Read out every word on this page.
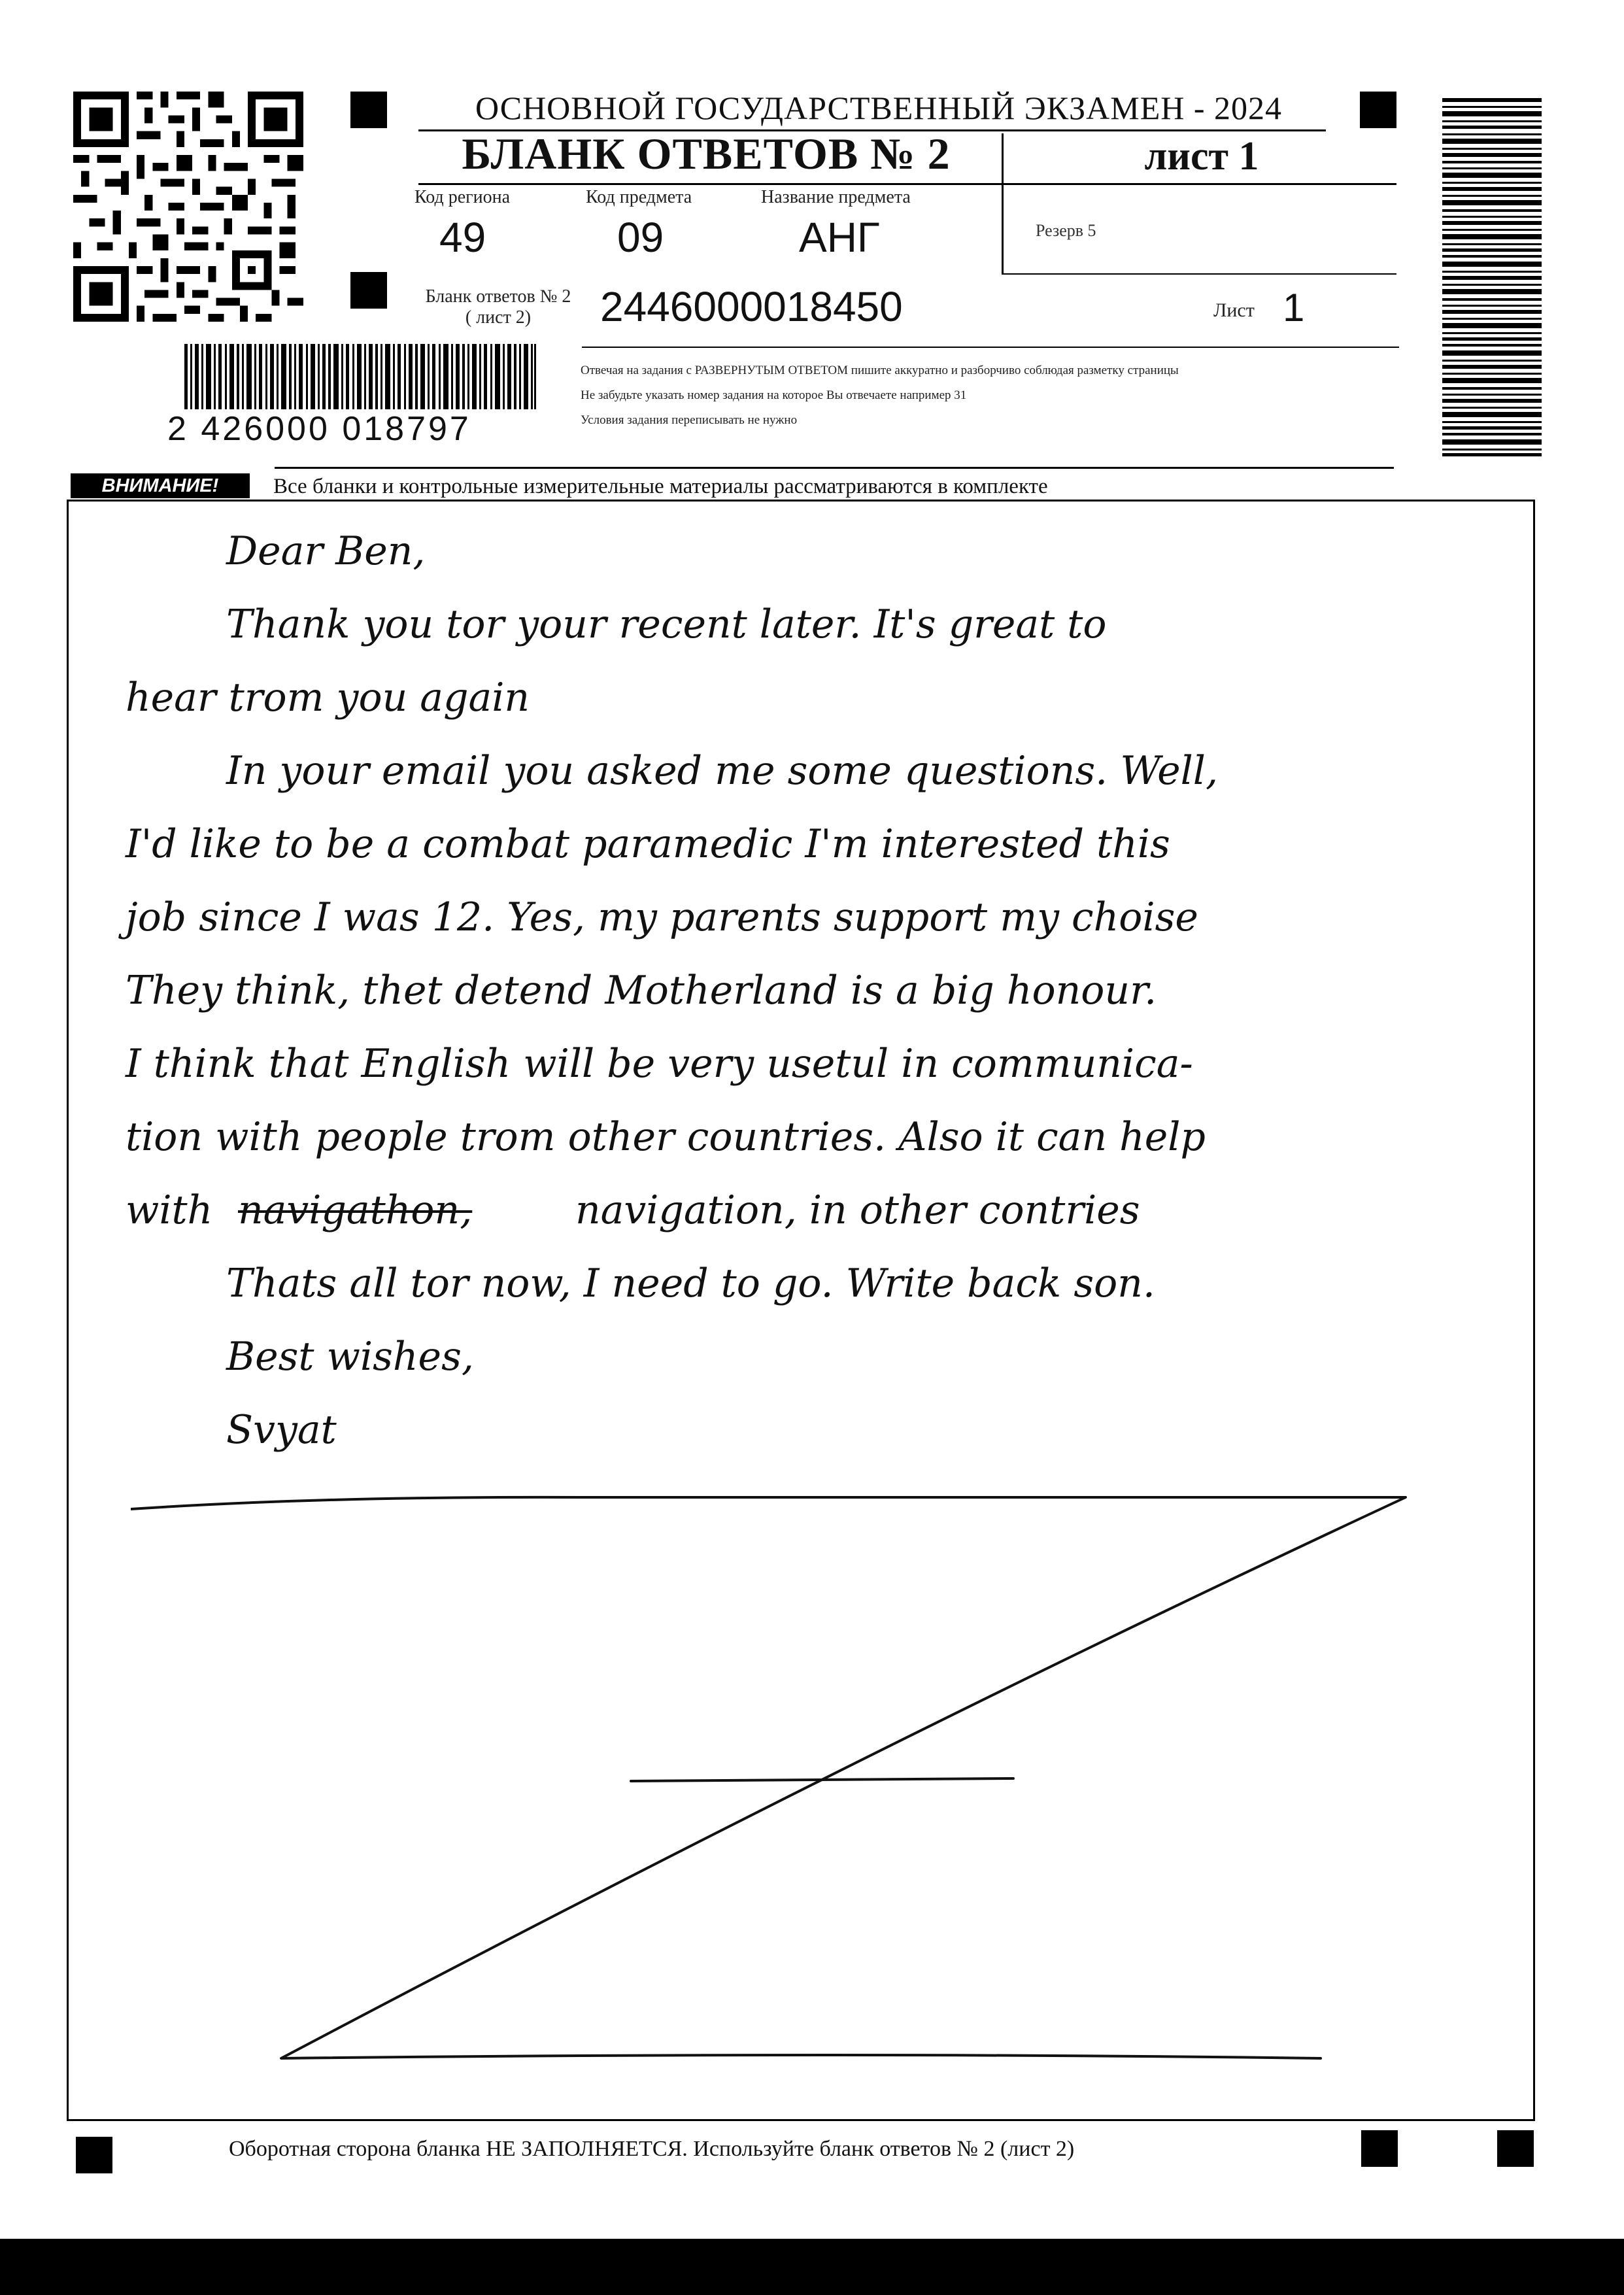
ОСНОВНОЙ ГОСУДАРСТВЕННЫЙ ЭКЗАМЕН - 2024
БЛАНК ОТВЕТОВ № 2	лист 1
Код региона
49
Код предмета
09
Название предмета
АНГ	Резерв 5
Бланк ответов № 2
( лист 2)	2446000018450	Лист 1
Отвечая на задания с РАЗВЕРНУТЫМ ОТВЕТОМ пишите аккуратно и разборчиво соблюдая разметку страницы
Не забудьте указать номер задания на которое Вы отвечаете например 31
Условия задания переписывать не нужно
2 426000 018797
ВНИМАНИЕ!	Все бланки и контрольные измерительные материалы рассматриваются в комплекте
Dear Ben,
Thank you tor your recent later. It's great to
hear trom you again
In your email you asked me some questions. Well,
I'd like to be a combat paramedic I'm interested this
job since I was 12. Yes, my parents support my choise
They think, thet detend Motherland is a big honour.
I think that English will be very usetul in communica-
tion with people trom other countries. Also it can help
with navigathon,	navigation, in other contries
Thats all tor now, I need to go. Write back son.
Best wishes,
Svyat
Оборотная сторона бланка НЕ ЗАПОЛНЯЕТСЯ. Используйте бланк ответов № 2 (лист 2)
